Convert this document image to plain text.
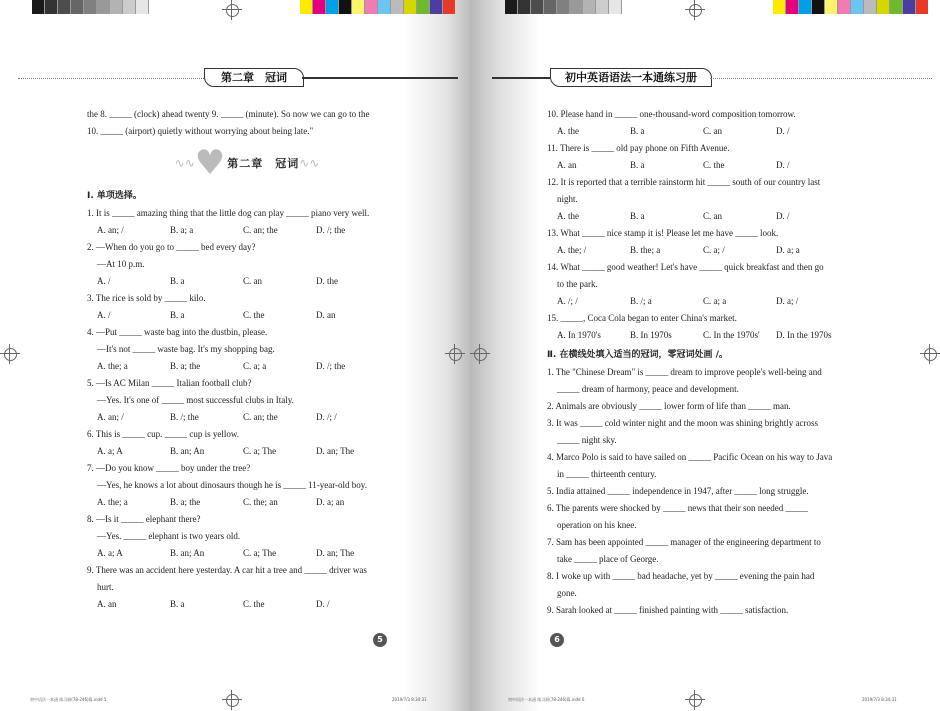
第二章　冠词
the 8. _____ (clock) ahead twenty 9. _____ (minute). So now we can go to the
10. _____ (airport) quietly without worrying about being late."
∿∿ ♥ 第二章　冠词 ∿∿
Ⅰ. 单项选择。
1. It is _____ amazing thing that the little dog can play _____ piano very well.
A. an; /	B. a; a	C. an; the	D. /; the
2. —When do you go to _____ bed every day?
—At 10 p.m.
A. /	B. a	C. an	D. the
3. The rice is sold by _____ kilo.
A. /	B. a	C. the	D. an
4. —Put _____ waste bag into the dustbin, please.
—It's not _____ waste bag. It's my shopping bag.
A. the; a	B. a; the	C. a; a	D. /; the
5. —Is AC Milan _____ Italian football club?
—Yes. It's one of _____ most successful clubs in Italy.
A. an; /	B. /; the	C. an; the	D. /; /
6. This is _____ cup. _____ cup is yellow.
A. a; A	B. an; An	C. a; The	D. an; The
7. —Do you know _____ boy under the tree?
—Yes, he knows a lot about dinosaurs though he is _____ 11-year-old boy.
A. the; a	B. a; the	C. the; an	D. a; an
8. —Is it _____ elephant there?
—Yes. _____ elephant is two years old.
A. a; A	B. an; An	C. a; The	D. an; The
9. There was an accident here yesterday. A car hit a tree and _____ driver was
hurt.
A. an	B. a	C. the	D. /
5
初中语法一本通 练习册(78-246)篇.indd 5	2019/7/3 8:34:31
初中英语语法一本通练习册
10. Please hand in _____ one-thousand-word composition tomorrow.
A. the	B. a	C. an	D. /
11. There is _____ old pay phone on Fifth Avenue.
A. an	B. a	C. the	D. /
12. It is reported that a terrible rainstorm hit _____ south of our country last
night.
A. the	B. a	C. an	D. /
13. What _____ nice stamp it is! Please let me have _____ look.
A. the; /	B. the; a	C. a; /	D. a; a
14. What _____ good weather! Let's have _____ quick breakfast and then go
to the park.
A. /; /	B. /; a	C. a; a	D. a; /
15. _____, Coca Cola began to enter China's market.
A. In 1970's	B. In 1970s	C. In the 1970s'	D. In the 1970s
Ⅱ. 在横线处填入适当的冠词，零冠词处画 /。
1. The "Chinese Dream" is _____ dream to improve people's well-being and
_____ dream of harmony, peace and development.
2. Animals are obviously _____ lower form of life than _____ man.
3. It was _____ cold winter night and the moon was shining brightly across
_____ night sky.
4. Marco Polo is said to have sailed on _____ Pacific Ocean on his way to Java
in _____ thirteenth century.
5. India attained _____ independence in 1947, after _____ long struggle.
6. The parents were shocked by _____ news that their son needed _____
operation on his knee.
7. Sam has been appointed _____ manager of the engineering department to
take _____ place of George.
8. I woke up with _____ bad headache, yet by _____ evening the pain had
gone.
9. Sarah looked at _____ finished painting with _____ satisfaction.
6
初中语法一本通 练习册(78-246)篇.indd 6	2019/7/3 8:34:31
